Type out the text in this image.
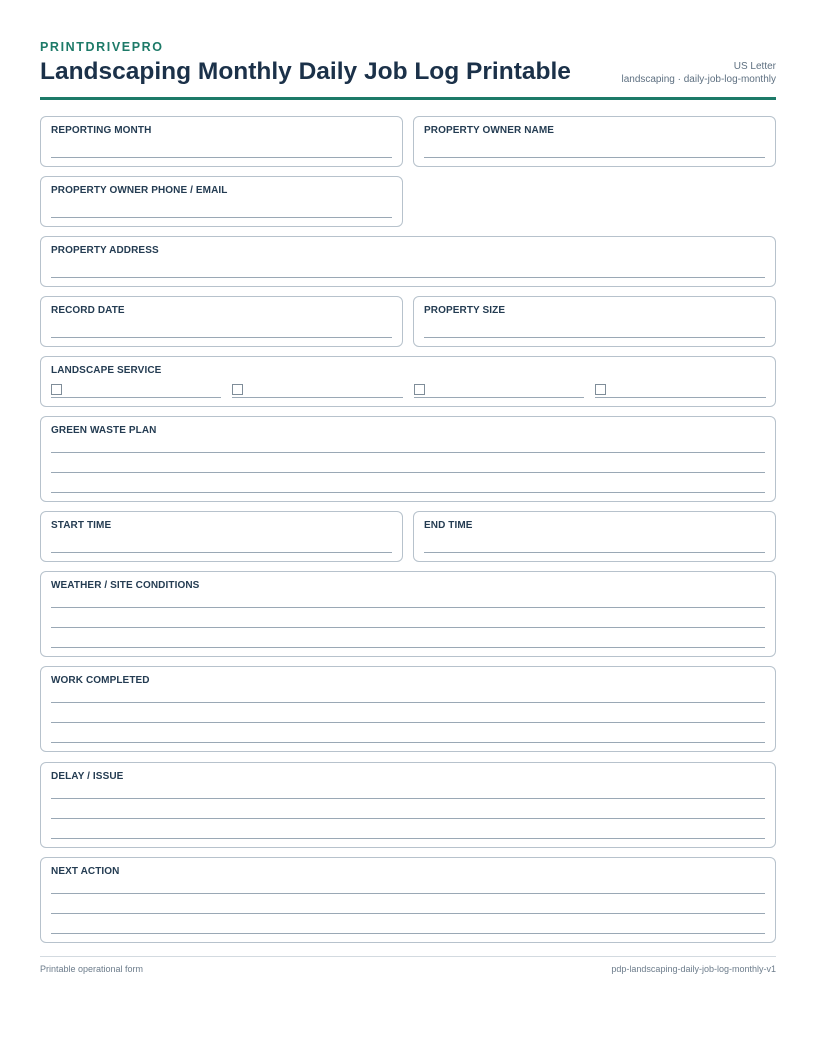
PRINTDRIVEPRO
Landscaping Monthly Daily Job Log Printable	US Letter
landscaping · daily-job-log-monthly
REPORTING MONTH	PROPERTY OWNER NAME
PROPERTY OWNER PHONE / EMAIL
PROPERTY ADDRESS
RECORD DATE	PROPERTY SIZE
LANDSCAPE SERVICE
GREEN WASTE PLAN
START TIME	END TIME
WEATHER / SITE CONDITIONS
WORK COMPLETED
DELAY / ISSUE
NEXT ACTION
Printable operational form	pdp-landscaping-daily-job-log-monthly-v1
